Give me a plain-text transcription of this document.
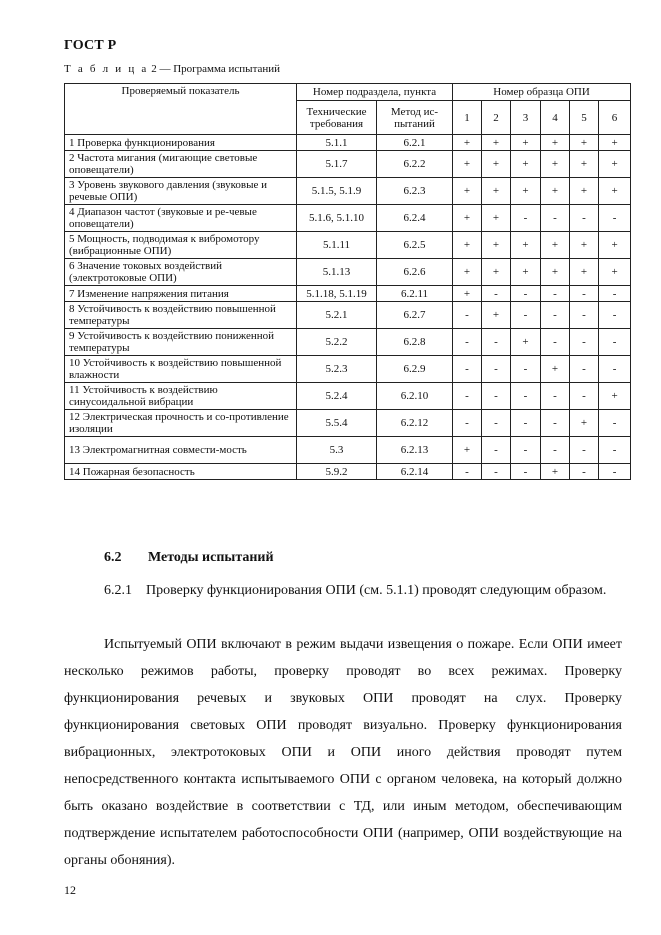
ГОСТ Р
Т а б л и ц а 2 — Программа испытаний
Проверяемый показатель	Номер подраздела, пункта		Номер образца ОПИ					
	Технические требования	Метод ис-пытаний	1	2	3	4	5	6
1 Проверка функционирования	5.1.1	6.2.1	+	+	+	+	+	+
2 Частота мигания (мигающие световые оповещатели)	5.1.7	6.2.2	+	+	+	+	+	+
3 Уровень звукового давления (звуковые и речевые ОПИ)	5.1.5, 5.1.9	6.2.3	+	+	+	+	+	+
4 Диапазон частот (звуковые и ре-чевые оповещатели)	5.1.6, 5.1.10	6.2.4	+	+	-	-	-	-
5 Мощность, подводимая к вибромотору (вибрационные ОПИ)	5.1.11	6.2.5	+	+	+	+	+	+
6 Значение токовых воздействий (электротоковые ОПИ)	5.1.13	6.2.6	+	+	+	+	+	+
7 Изменение напряжения питания	5.1.18, 5.1.19	6.2.11	+	-	-	-	-	-
8 Устойчивость к воздействию повышенной температуры	5.2.1	6.2.7	-	+	-	-	-	-
9 Устойчивость к воздействию пониженной температуры	5.2.2	6.2.8	-	-	+	-	-	-
10 Устойчивость к воздействию повышенной влажности	5.2.3	6.2.9	-	-	-	+	-	-
11 Устойчивость к воздействию синусоидальной вибрации	5.2.4	6.2.10	-	-	-	-	-	+
12 Электрическая прочность и со-противление изоляции	5.5.4	6.2.12	-	-	-	-	+	-
13 Электромагнитная совмести-мость	5.3	6.2.13	+	-	-	-	-	-
14 Пожарная безопасность	5.9.2	6.2.14	-	-	-	+	-	-
6.2 Методы испытаний
6.2.1    Проверку функционирования ОПИ (см. 5.1.1) проводят следующим образом.
Испытуемый ОПИ включают в режим выдачи извещения о пожаре. Если ОПИ имеет несколько режимов работы, проверку проводят во всех режимах. Проверку функционирования речевых и звуковых ОПИ проводят на слух. Проверку функционирования световых ОПИ проводят визуально. Проверку функционирования вибрационных, электротоковых ОПИ и ОПИ иного действия проводят путем непосредственного контакта испытываемого ОПИ с органом человека, на который должно быть оказано воздействие в соответствии с ТД, или иным методом, обеспечивающим подтверждение испытателем работоспособности ОПИ (например, ОПИ воздействующие на органы обоняния).
12
